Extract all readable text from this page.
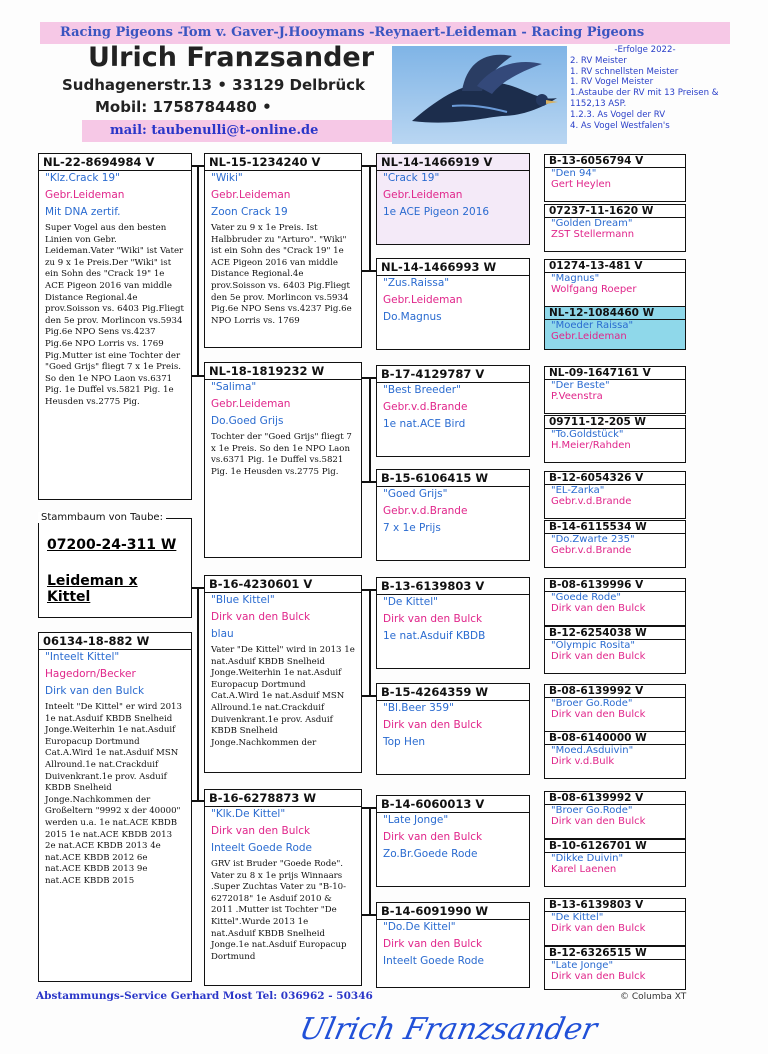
Racing Pigeons -Tom v. Gaver-J.Hooymans -Reynaert-Leideman - Racing Pigeons
Ulrich Franzsander
Sudhagenerstr.13 • 33129 Delbrück
Mobil: 1758784480 •
mail: taubenulli@t-online.de
-Erfolge 2022-
2. RV Meister
1. RV schnellsten Meister
1. RV Vogel Meister
1.Astaube der RV mit 13 Preisen & 1152,13 ASP.
1.2.3. As Vogel der RV
4. As Vogel Westfalen's
NL-22-8694984 V
"Klz.Crack 19"
Gebr.Leideman
Mit DNA zertif.
Super Vogel aus den besten Linien von Gebr. Leideman.Vater "Wiki" ist Vater zu 9 x 1e Preis.Der "Wiki" ist ein Sohn des "Crack 19" 1e ACE Pigeon 2016 van middle Distance Regional.4e prov.Soisson vs. 6403 Pig.Fliegt den 5e prov. Morlincon vs.5934 Pig.6e NPO Sens vs.4237 Pig.6e NPO Lorris vs. 1769 Pig.Mutter ist eine Tochter der "Goed Grijs" fliegt 7 x 1e Preis. So den 1e NPO Laon vs.6371 Pig. 1e Duffel vs.5821 Pig. 1e Heusden vs.2775 Pig.
07200-24-311 W
Leideman x Kittel
Stammbaum von Taube:
06134-18-882 W
"Inteelt Kittel"
Hagedorn/Becker
Dirk van den Bulck
Inteelt "De Kittel" er wird 2013 1e nat.Asduif KBDB Snelheid Jonge.Weiterhin 1e nat.Asduif Europacup Dortmund Cat.A.Wird 1e nat.Asduif MSN Allround.1e nat.Crackduif Duivenkrant.1e prov. Asduif KBDB Snelheid Jonge.Nachkommen der Großeltern "9992 x der 40000" werden u.a. 1e nat.ACE KBDB 2015 1e nat.ACE KBDB 2013 2e nat.ACE KBDB 2013 4e nat.ACE KBDB 2012 6e nat.ACE KBDB 2013 9e nat.ACE KBDB 2015
NL-15-1234240 V
"Wiki"
Gebr.Leideman
Zoon Crack 19
Vater zu 9 x 1e Preis. Ist Halbbruder zu "Arturo". "Wiki" ist ein Sohn des "Crack 19" 1e ACE Pigeon 2016 van middle Distance Regional.4e prov.Soisson vs. 6403 Pig.Fliegt den 5e prov. Morlincon vs.5934 Pig.6e NPO Sens vs.4237 Pig.6e NPO Lorris vs. 1769
NL-18-1819232 W
"Salima"
Gebr.Leideman
Do.Goed Grijs
Tochter der "Goed Grijs" fliegt 7 x 1e Preis. So den 1e NPO Laon vs.6371 Pig. 1e Duffel vs.5821 Pig. 1e Heusden vs.2775 Pig.
B-16-4230601 V
"Blue Kittel"
Dirk van den Bulck
blau
Vater "De Kittel" wird in 2013 1e nat.Asduif KBDB Snelheid Jonge.Weiterhin 1e nat.Asduif Europacup Dortmund Cat.A.Wird 1e nat.Asduif MSN Allround.1e nat.Crackduif Duivenkrant.1e prov. Asduif KBDB Snelheid Jonge.Nachkommen der
B-16-6278873 W
"Klk.De Kittel"
Dirk van den Bulck
Inteelt Goede Rode
GRV ist Bruder "Goede Rode". Vater zu 8 x 1e prijs Winnaars .Super Zuchtas Vater zu "B-10-6272018" 1e Asduif 2010 & 2011 .Mutter ist Tochter "De Kittel".Wurde 2013 1e nat.Asduif KBDB Snelheid Jonge.1e nat.Asduif Europacup Dortmund
NL-14-1466919 V
"Crack 19"
Gebr.Leideman
1e ACE Pigeon 2016
NL-14-1466993 W
"Zus.Raissa"
Gebr.Leideman
Do.Magnus
B-17-4129787 V
"Best Breeder"
Gebr.v.d.Brande
1e nat.ACE Bird
B-15-6106415 W
"Goed Grijs"
Gebr.v.d.Brande
7 x 1e Prijs
B-13-6139803 V
"De Kittel"
Dirk van den Bulck
1e nat.Asduif KBDB
B-15-4264359 W
"Bl.Beer 359"
Dirk van den Bulck
Top Hen
B-14-6060013 V
"Late Jonge"
Dirk van den Bulck
Zo.Br.Goede Rode
B-14-6091990 W
"Do.De Kittel"
Dirk van den Bulck
Inteelt Goede Rode
B-13-6056794 V
"Den 94"
Gert Heylen
07237-11-1620 W
"Golden Dream"
ZST Stellermann
01274-13-481 V
"Magnus"
Wolfgang Roeper
NL-12-1084460 W
"Moeder Raissa"
Gebr.Leideman
NL-09-1647161 V
"Der Beste"
P.Veenstra
09711-12-205 W
"To.Goldstück"
H.Meier/Rahden
B-12-6054326 V
"EL-Zarka"
Gebr.v.d.Brande
B-14-6115534 W
"Do.Zwarte 235"
Gebr.v.d.Brande
B-08-6139996 V
"Goede Rode"
Dirk van den Bulck
B-12-6254038 W
"Olympic Rosita"
Dirk van den Bulck
B-08-6139992 V
"Broer Go.Rode"
Dirk van den Bulck
B-08-6140000 W
"Moed.Asduivin"
Dirk v.d.Bulk
B-08-6139992 V
"Broer Go.Rode"
Dirk van den Bulck
B-10-6126701 W
"Dikke Duivin"
Karel Laenen
B-13-6139803 V
"De Kittel"
Dirk van den Bulck
B-12-6326515 W
"Late Jonge"
Dirk van den Bulck
Abstammungs-Service Gerhard Most Tel: 036962 - 50346	© Columba XT
Ulrich Franzsander
